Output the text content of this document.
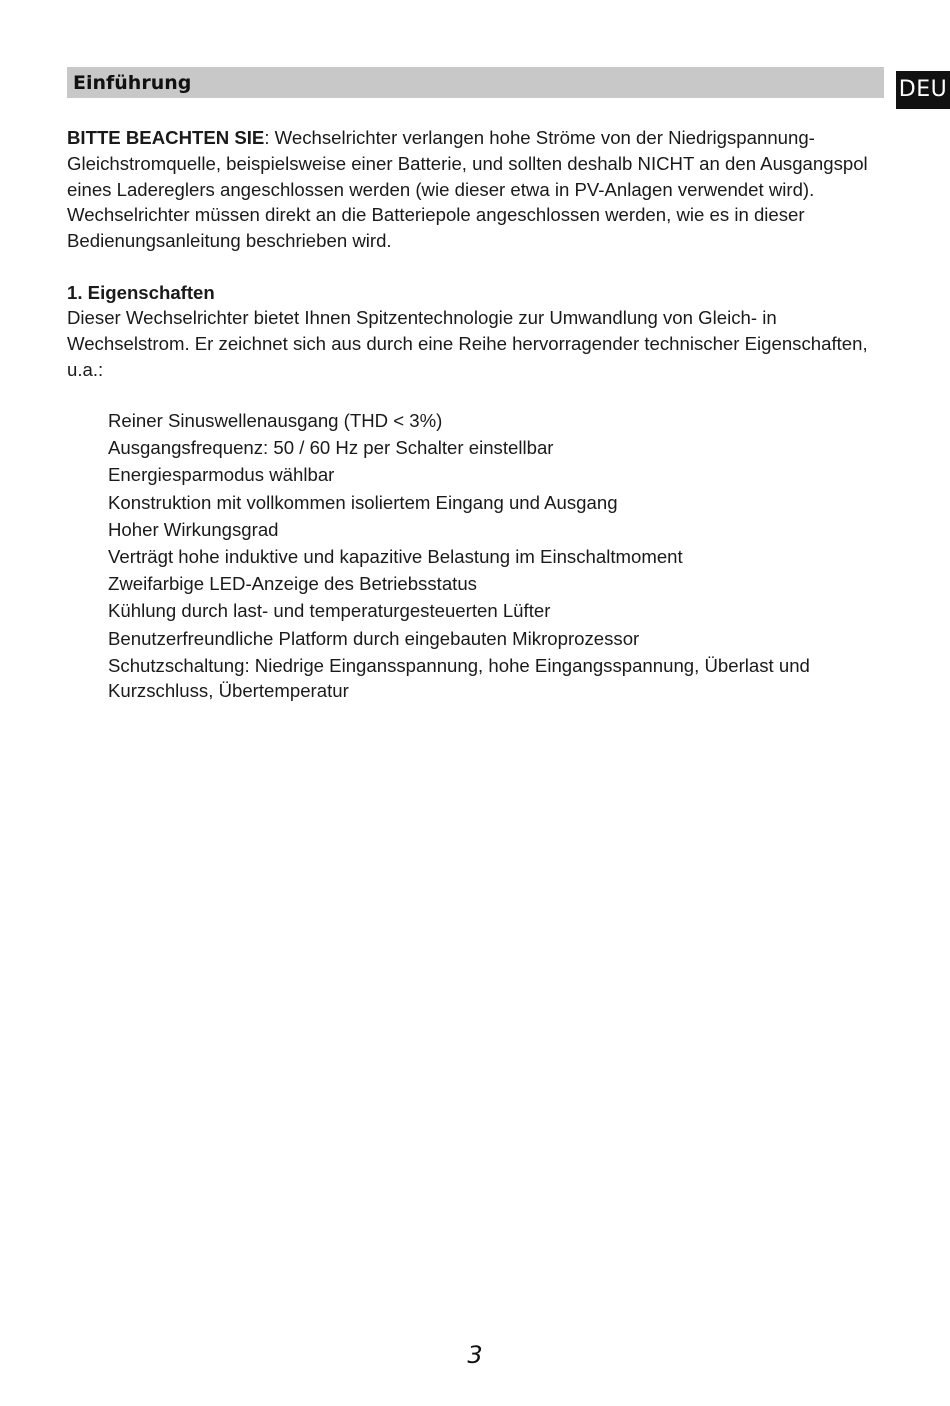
Einführung	DEU
BITTE BEACHTEN SIE: Wechselrichter verlangen hohe Ströme von der Niedrigspannung-Gleichstromquelle, beispielsweise einer Batterie, und sollten deshalb NICHT an den Ausgangspol eines Ladereglers angeschlossen werden (wie dieser etwa in PV-Anlagen verwendet wird). Wechselrichter müssen direkt an die Batteriepole angeschlossen werden, wie es in dieser Bedienungsanleitung beschrieben wird.
1. Eigenschaften
Dieser Wechselrichter bietet Ihnen Spitzentechnologie zur Umwandlung von Gleich- in Wechselstrom. Er zeichnet sich aus durch eine Reihe hervorragender technischer Eigenschaften, u.a.:
Reiner Sinuswellenausgang (THD < 3%)
Ausgangsfrequenz: 50 / 60 Hz per Schalter einstellbar
Energiesparmodus wählbar
Konstruktion mit vollkommen isoliertem Eingang und Ausgang
Hoher Wirkungsgrad
Verträgt hohe induktive und kapazitive Belastung im Einschaltmoment
Zweifarbige LED-Anzeige des Betriebsstatus
Kühlung durch last- und temperaturgesteuerten Lüfter
Benutzerfreundliche Platform durch eingebauten Mikroprozessor
Schutzschaltung: Niedrige Eingansspannung, hohe Eingangsspannung, Überlast und Kurzschluss, Übertemperatur
3
